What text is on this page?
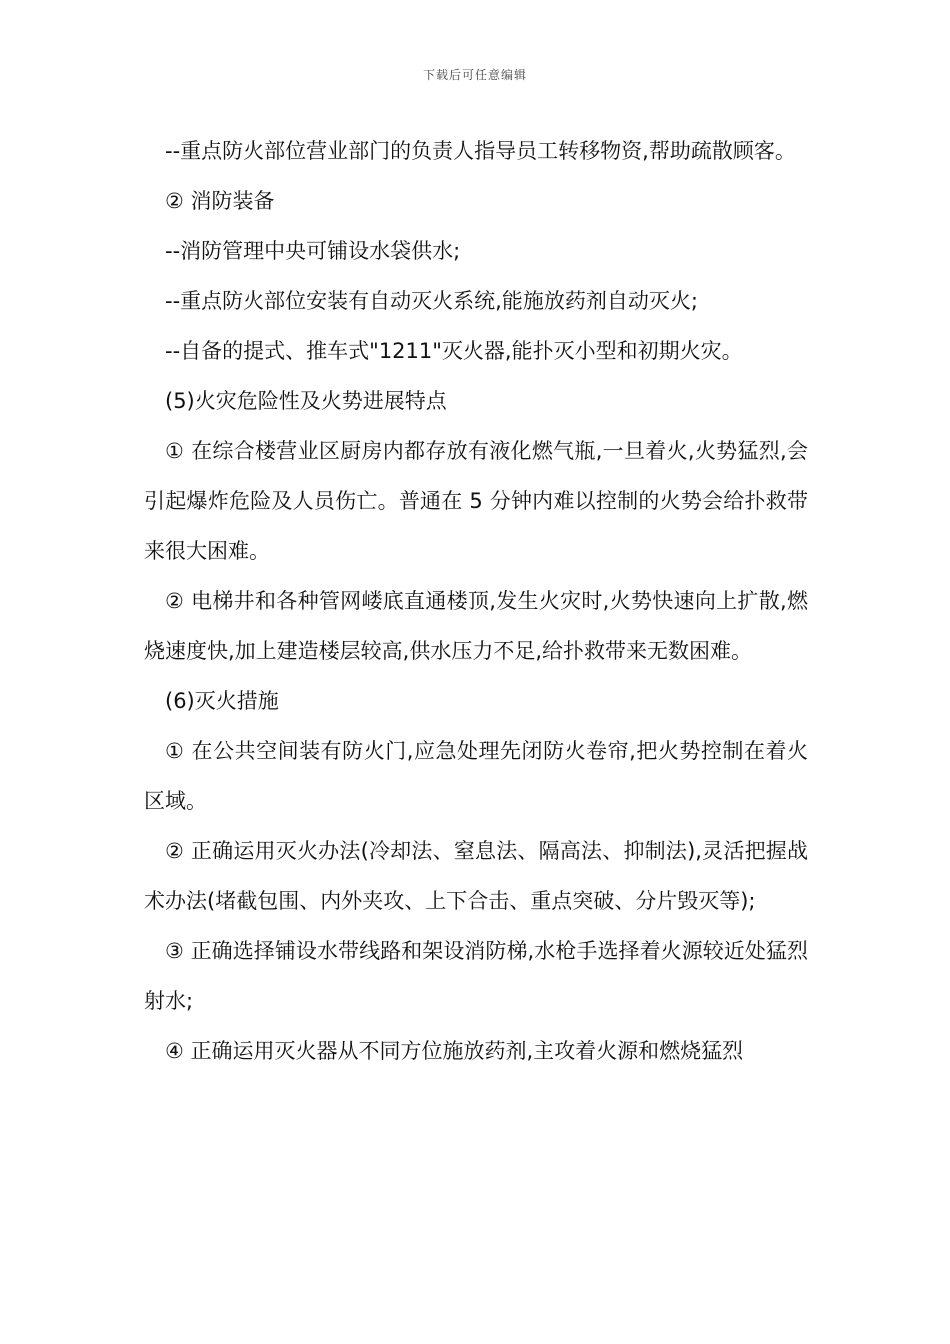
下载后可任意编辑

--重点防火部位营业部门的负责人指导员工转移物资,帮助疏散顾客。

② 消防装备

--消防管理中央可铺设水袋供水;

--重点防火部位安装有自动灭火系统,能施放药剂自动灭火;

--自备的提式、推车式"1211"灭火器,能扑灭小型和初期火灾。

(5)火灾危险性及火势进展特点

① 在综合楼营业区厨房内都存放有液化燃气瓶,一旦着火,火势猛烈,会引起爆炸危险及人员伤亡。普通在 5 分钟内难以控制的火势会给扑救带来很大困难。

② 电梯井和各种管网嵝底直通楼顶,发生火灾时,火势快速向上扩散,燃烧速度快,加上建造楼层较高,供水压力不足,给扑救带来无数困难。

(6)灭火措施

① 在公共空间装有防火门,应急处理先闭防火卷帘,把火势控制在着火区域。

② 正确运用灭火办法(冷却法、窒息法、隔高法、抑制法),灵活把握战术办法(堵截包围、内外夹攻、上下合击、重点突破、分片毁灭等);

③ 正确选择铺设水带线路和架设消防梯,水枪手选择着火源较近处猛烈射水;

④ 正确运用灭火器从不同方位施放药剂,主攻着火源和燃烧猛烈
